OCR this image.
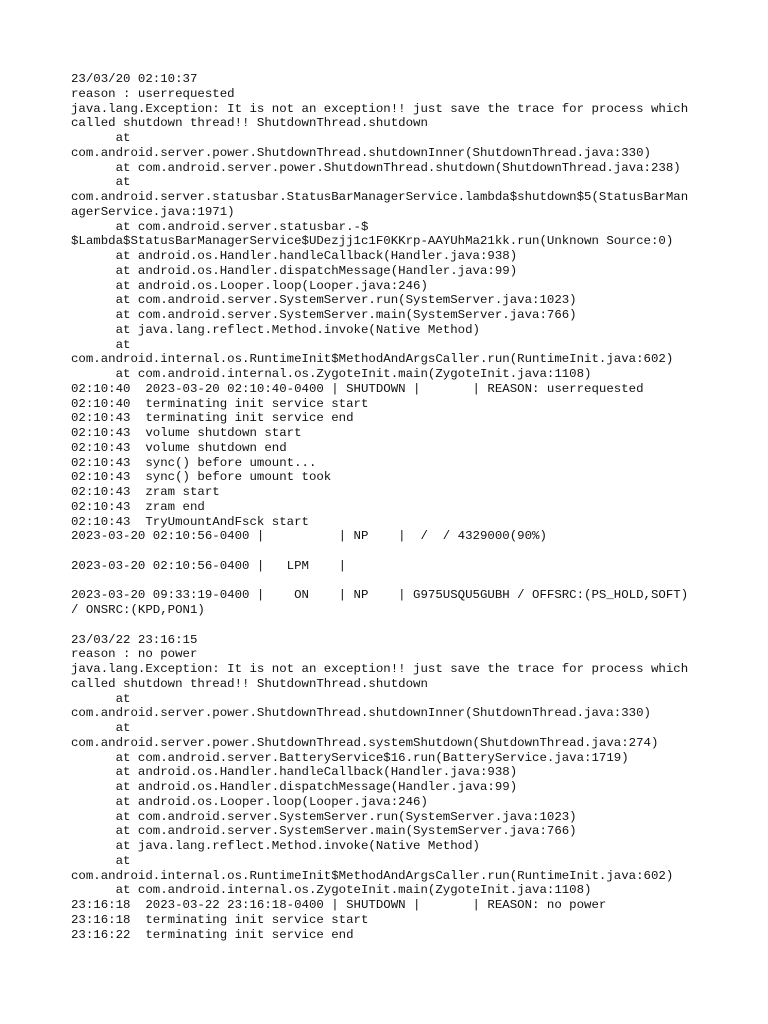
23/03/20 02:10:37
reason : userrequested
java.lang.Exception: It is not an exception!! just save the trace for process which
called shutdown thread!! ShutdownThread.shutdown
at
com.android.server.power.ShutdownThread.shutdownInner(ShutdownThread.java:330)
at com.android.server.power.ShutdownThread.shutdown(ShutdownThread.java:238)
at
com.android.server.statusbar.StatusBarManagerService.lambda$shutdown$5(StatusBarMan
agerService.java:1971)
at com.android.server.statusbar.-$
$Lambda$StatusBarManagerService$UDezjj1c1F0KKrp-AAYUhMa21kk.run(Unknown Source:0)
at android.os.Handler.handleCallback(Handler.java:938)
at android.os.Handler.dispatchMessage(Handler.java:99)
at android.os.Looper.loop(Looper.java:246)
at com.android.server.SystemServer.run(SystemServer.java:1023)
at com.android.server.SystemServer.main(SystemServer.java:766)
at java.lang.reflect.Method.invoke(Native Method)
at
com.android.internal.os.RuntimeInit$MethodAndArgsCaller.run(RuntimeInit.java:602)
at com.android.internal.os.ZygoteInit.main(ZygoteInit.java:1108)
02:10:40  2023-03-20 02:10:40-0400 | SHUTDOWN |       | REASON: userrequested
02:10:40  terminating init service start
02:10:43  terminating init service end
02:10:43  volume shutdown start
02:10:43  volume shutdown end
02:10:43  sync() before umount...
02:10:43  sync() before umount took
02:10:43  zram start
02:10:43  zram end
02:10:43  TryUmountAndFsck start
2023-03-20 02:10:56-0400 |          | NP    |  /  / 4329000(90%)
2023-03-20 02:10:56-0400 |   LPM    |
2023-03-20 09:33:19-0400 |    ON    | NP    | G975USQU5GUBH / OFFSRC:(PS_HOLD,SOFT)
/ ONSRC:(KPD,PON1)
23/03/22 23:16:15
reason : no power
java.lang.Exception: It is not an exception!! just save the trace for process which
called shutdown thread!! ShutdownThread.shutdown
at
com.android.server.power.ShutdownThread.shutdownInner(ShutdownThread.java:330)
at
com.android.server.power.ShutdownThread.systemShutdown(ShutdownThread.java:274)
at com.android.server.BatteryService$16.run(BatteryService.java:1719)
at android.os.Handler.handleCallback(Handler.java:938)
at android.os.Handler.dispatchMessage(Handler.java:99)
at android.os.Looper.loop(Looper.java:246)
at com.android.server.SystemServer.run(SystemServer.java:1023)
at com.android.server.SystemServer.main(SystemServer.java:766)
at java.lang.reflect.Method.invoke(Native Method)
at
com.android.internal.os.RuntimeInit$MethodAndArgsCaller.run(RuntimeInit.java:602)
at com.android.internal.os.ZygoteInit.main(ZygoteInit.java:1108)
23:16:18  2023-03-22 23:16:18-0400 | SHUTDOWN |       | REASON: no power
23:16:18  terminating init service start
23:16:22  terminating init service end
